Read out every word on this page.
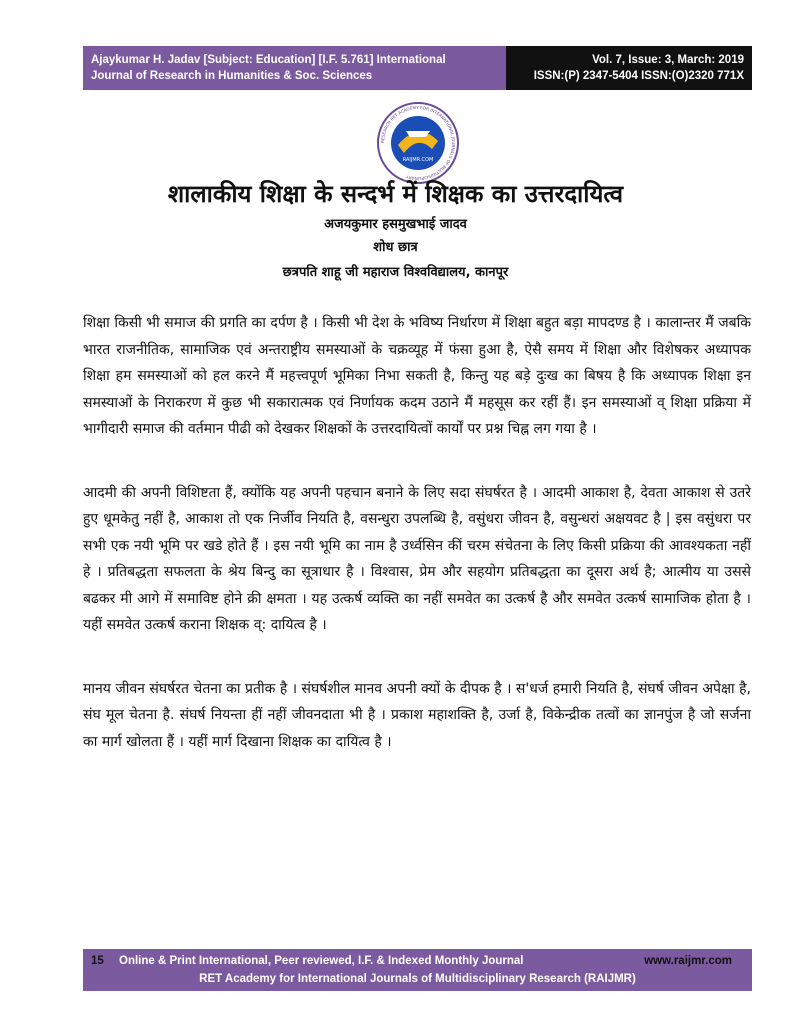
Ajaykumar H. Jadav [Subject: Education] [I.F. 5.761] International
Journal of Research in Humanities & Soc. Sciences
Vol. 7, Issue: 3, March: 2019
ISSN:(P) 2347-5404 ISSN:(O)2320 771X
RESEARCH RET ACADEMY FOR INTERNATIONAL JOURNALS OF MULTIDISCIPLINARY
RAIJMR.COM
शालाकीय शिक्षा के सन्दर्भ में शिक्षक का उत्तरदायित्व
अजयकुमार हसमुखभाई जादव
शोध छात्र
छत्रपति शाहू जी महाराज विश्वविद्यालय, कानपूर

शिक्षा किसी भी समाज की प्रगति का दर्पण है । किसी भी देश के भविष्य निर्धारण में शिक्षा बहुत बड़ा मापदण्ड है । कालान्तर मैं जबकि भारत राजनीतिक, सामाजिक एवं अन्तराष्ट्रीय समस्याओं के चक्रव्यूह में फंसा हुआ है, ऐसै समय में शिक्षा और विशेषकर अध्यापक शिक्षा हम समस्याओं को हल करने मैं महत्त्वपूर्ण भूमिका निभा सकती है, किन्तु यह बड़े दुःख का बिषय है कि अध्यापक शिक्षा इन समस्याओं के निराकरण में कुछ भी सकारात्मक एवं निर्णायक कदम उठाने मैं महसूस कर रहीं हैं। इन समस्याओं व् शिक्षा प्रक्रिया में भागीदारी समाज की वर्तमान पीढी को देखकर शिक्षकों के उत्तरदायित्वों कार्यों पर प्रश्न चिह्न लग गया है ।

आदमी की अपनी विशिष्टता हैं, क्योंकि यह अपनी पहचान बनाने के लिए सदा संघर्षरत है । आदमी आकाश है, देवता आकाश से उतरे हुए धूमकेतु नहीं है, आकाश तो एक निर्जीव नियति है, वसन्धुरा उपलब्धि है, वसुंधरा जीवन है, वसुन्धरां अक्षयवट है | इस वसुंधरा पर सभी एक नयी भूमि पर खडे होते हैं । इस नयी भूमि का नाम है उर्ध्वसिन कीं चरम संचेतना के लिए किसी प्रक्रिया की आवश्यकता नहीं हे । प्रतिबद्धता सफलता के श्रेय बिन्दु का सूत्राधार है । विश्वास, प्रेम और सहयोग प्रतिबद्धता का दूसरा अर्थ है; आत्मीय या उससे बढकर मी आगे में समाविष्ट होने क्री क्षमता । यह उत्कर्ष व्यक्ति का नहीं समवेत का उत्कर्ष है और समवेत उत्कर्ष सामाजिक होता है । यहीं समवेत उत्कर्ष कराना शिक्षक व्: दायित्व है ।

मानय जीवन संघर्षरत चेतना का प्रतीक है । संघर्षशील मानव अपनी क्यों के दीपक है । स'धर्ज हमारी नियति है, संघर्ष जीवन अपेक्षा है, संघ मूल चेतना है. संघर्ष नियन्ता हीं नहीं जीवनदाता भी है । प्रकाश महाशक्ति है, उर्जा है, विकेन्द्रीक तत्वों का ज्ञानपुंज है जो सर्जना का मार्ग खोलता हैं । यहीं मार्ग दिखाना शिक्षक का दायित्व है ।

15 Online & Print International, Peer reviewed, I.F. & Indexed Monthly Journal	www.raijmr.com
RET Academy for International Journals of Multidisciplinary Research (RAIJMR)
